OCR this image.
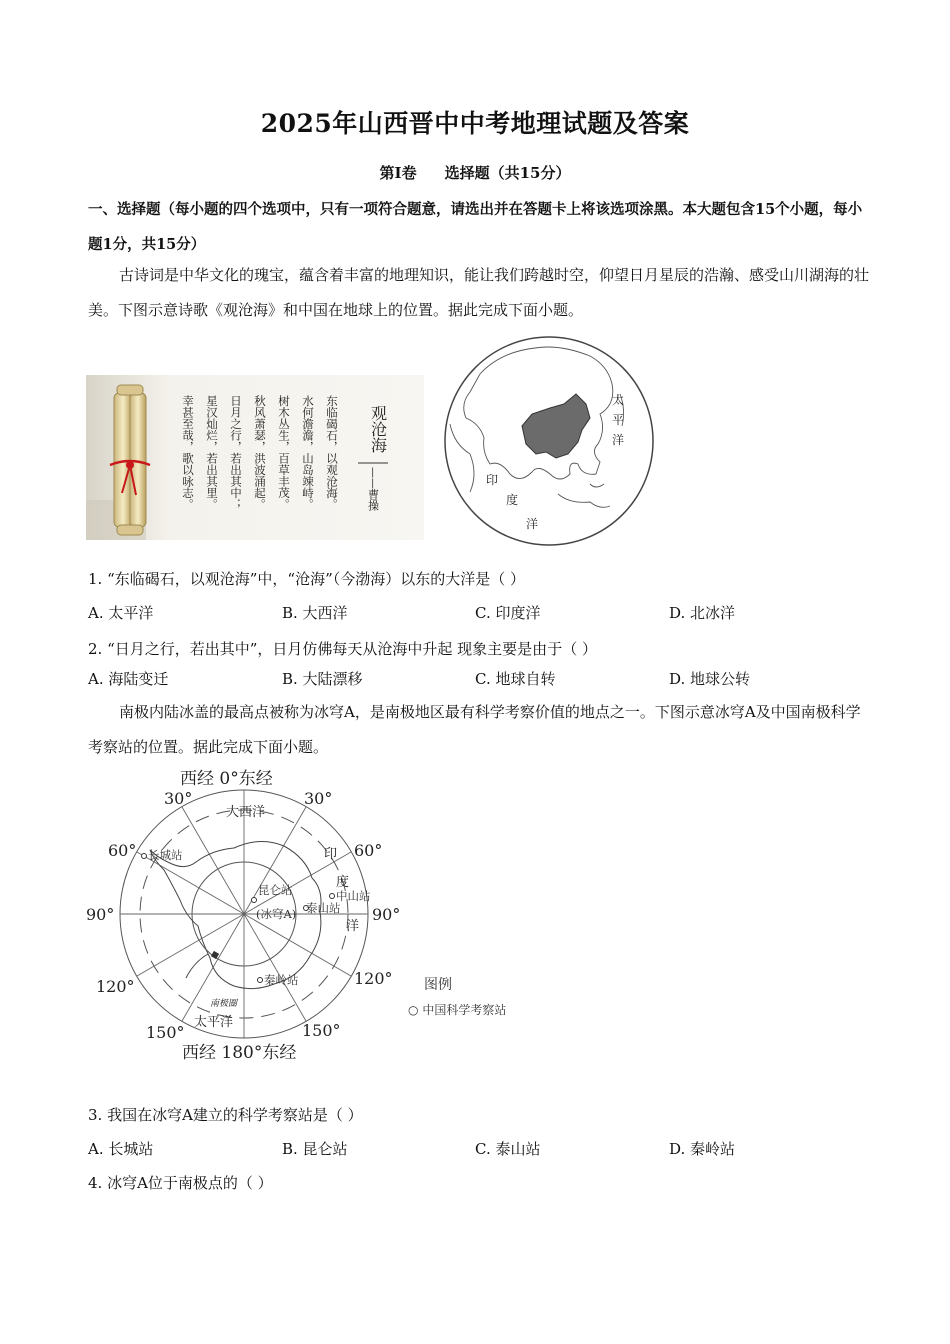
2025年山西晋中中考地理试题及答案
第Ⅰ卷 选择题（共15分）
一、选择题（每小题的四个选项中，只有一项符合题意，请选出并在答题卡上将该选项涂黑。本大题包含15个小题，每小题1分，共15分）
古诗词是中华文化的瑰宝，蕴含着丰富的地理知识，能让我们跨越时空，仰望日月星辰的浩瀚、感受山川湖海的壮美。下图示意诗歌《观沧海》和中国在地球上的位置。据此完成下面小题。
东临碣石，以观沧海。
水何澹澹，山岛竦峙。
树木丛生，百草丰茂。
秋风萧瑟，洪波涌起。
日月之行，若出其中；
星汉灿烂，若出其里。
幸甚至哉，歌以咏志。	观沧海
——曹操
太
平
洋
印
度
洋
1. “东临碣石，以观沧海”中，“沧海”（今渤海）以东的大洋是（ ）
A. 太平洋	B. 大西洋	C. 印度洋	D. 北冰洋
2. “日月之行，若出其中”，日月仿佛每天从沧海中升起 现象主要是由于（ ）
A. 海陆变迁	B. 大陆漂移	C. 地球自转	D. 地球公转
南极内陆冰盖的最高点被称为冰穹A，是南极地区最有科学考察价值的地点之一。下图示意冰穹A及中国南极科学考察站的位置。据此完成下面小题。
西经 0°东经
西经 180°东经
30°	30°
60°	60°
90°	90°
120°	120°
150°	150°
大西洋
太平洋
南极圈
印
度
洋
长城站
昆仑站
(冰穹A)
中山站
泰山站
秦岭站	图例
○ 中国科学考察站
3. 我国在冰穹A建立的科学考察站是（ ）
A. 长城站	B. 昆仑站	C. 泰山站	D. 秦岭站
4. 冰穹A位于南极点的（ ）
